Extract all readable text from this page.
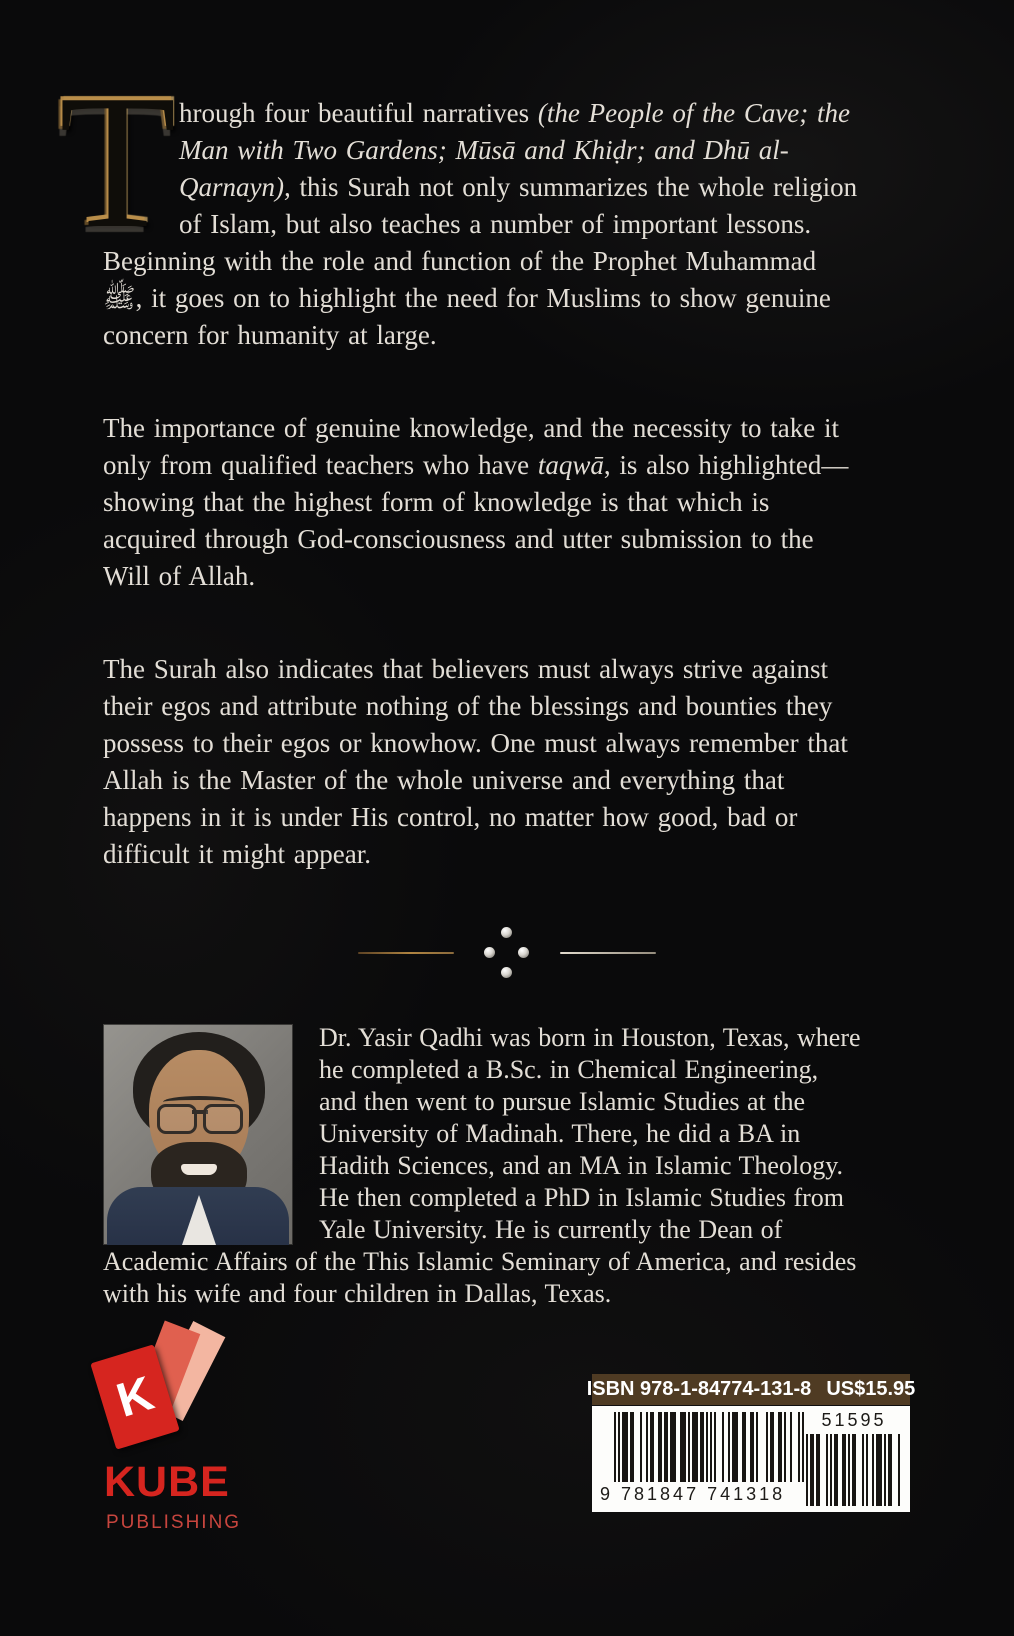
Through four beautiful narratives (the People of the Cave; the Man with Two Gardens; Mūsā and Khiḍr; and Dhū al-Qarnayn), this Surah not only summarizes the whole religion of Islam, but also teaches a number of important lessons. Beginning with the role and function of the Prophet Muhammad ﷺ, it goes on to highlight the need for Muslims to show genuine concern for humanity at large.

The importance of genuine knowledge, and the necessity to take it only from qualified teachers who have taqwā, is also highlighted—showing that the highest form of knowledge is that which is acquired through God-consciousness and utter submission to the Will of Allah.

The Surah also indicates that believers must always strive against their egos and attribute nothing of the blessings and bounties they possess to their egos or knowhow. One must always remember that Allah is the Master of the whole universe and everything that happens in it is under His control, no matter how good, bad or difficult it might appear.

Dr. Yasir Qadhi was born in Houston, Texas, where he completed a B.Sc. in Chemical Engineering, and then went to pursue Islamic Studies at the University of Madinah. There, he did a BA in Hadith Sciences, and an MA in Islamic Theology. He then completed a PhD in Islamic Studies from Yale University. He is currently the Dean of Academic Affairs of the This Islamic Seminary of America, and resides with his wife and four children in Dallas, Texas.

K
KUBE
PUBLISHING
ISBN 978-1-84774-131-8 US$15.95
9 781847 741318
51595
